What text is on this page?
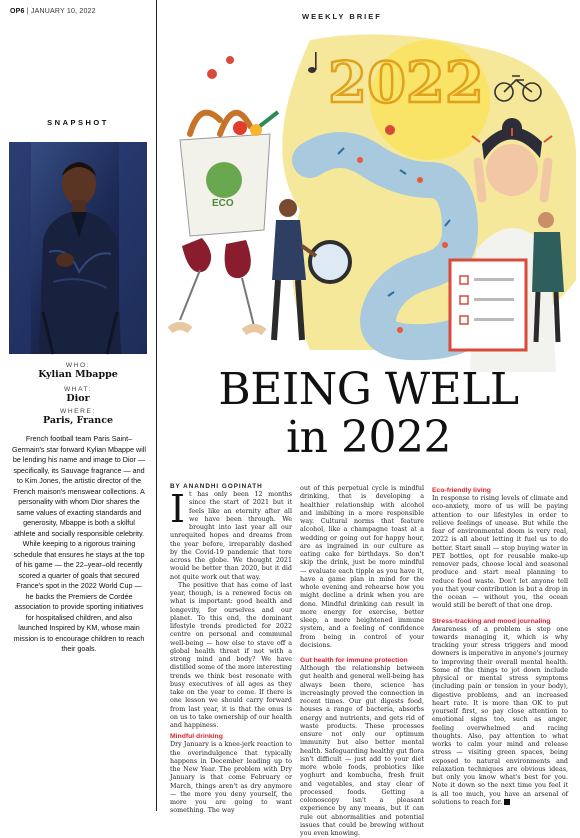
OP6 | JANUARY 10, 2022
WEEKLY BRIEF
SNAPSHOT
WHO:
Kylian Mbappe
WHAT:
Dior
WHERE:
Paris, France
French football team Paris Saint–Germain's star forward Kylian Mbappe will be lending his name and image to Dior — specifically, its Sauvage fragrance — and to Kim Jones, the artistic director of the French maison's menswear collections. A personality with whom Dior shares the same values of exacting standards and generosity, Mbappe is both a skilful athlete and socially responsible celebrity. While keeping to a rigorous training schedule that ensures he stays at the top of his game — the 22–year–old recently scored a quarter of goals that secured France's spot in the 2022 World Cup — he backs the Premiers de Cordée association to provide sporting initiatives for hospitalised children, and also launched Inspired by KM, whose main mission is to encourage children to reach their goals.
2022
ECO
BEING WELL
in 2022
BY ANANDHI GOPINATH

It has only been 12 months since the start of 2021 but it feels like an eternity after all we have been through. We brought into last year all our unrequited hopes and dreams from the year before, irreparably dashed by the Covid-19 pandemic that tore across the globe. We thought 2021 would be better than 2020, but it did not quite work out that way.

The positive that has come of last year, though, is a renewed focus on what is important: good health and longevity, for ourselves and our planet. To this end, the dominant lifestyle trends predicted for 2022 centre on personal and communal well-being — how else to stave off a global health threat if not with a strong mind and body? We have distilled some of the more interesting trends we think best resonate with busy executives of all ages as they take on the year to come. If there is one lesson we should carry forward from last year, it is that the onus is on us to take ownership of our health and happiness.

Mindful drinking

Dry January is a knee-jerk reaction to the overindulgence that typically happens in December leading up to the New Year. The problem with Dry January is that come February or March, things aren't as dry anymore — the more you deny yourself, the more you are going to want something. The way

out of this perpetual cycle is mindful drinking, that is developing a healthier relationship with alcohol and imbibing in a more responsible way. Cultural norms that feature alcohol, like a champagne toast at a wedding or going out for happy hour, are as ingrained in our culture as eating cake for birthdays. So don't skip the drink, just be more mindful — evaluate each tipple as you have it, have a game plan in mind for the whole evening and rehearse how you might decline a drink when you are done. Mindful drinking can result in more energy for exercise, better sleep, a more heightened immune system, and a feeling of confidence from being in control of your decisions.

Gut health for immune protection

Although the relationship between gut health and general well-being has always been there, science has increasingly proved the connection in recent times. Our gut digests food, houses a range of bacteria, absorbs energy and nutrients, and gets rid of waste products. These processes ensure not only our optimum immunity but also better mental health. Safeguarding healthy gut flora isn't difficult — just add to your diet more whole foods, probiotics like yoghurt and kombucha, fresh fruit and vegetables, and stay clear of processed foods. Getting a colonoscopy isn't a pleasant experience by any means, but it can rule out abnormalities and potential issues that could be brewing without you even knowing.

Eco-friendly living

In response to rising levels of climate and eco-anxiety, more of us will be paying attention to our lifestyles in order to relieve feelings of unease. But while the fear of environmental doom is very real, 2022 is all about letting it fuel us to do better. Start small — stop buying water in PET bottles, opt for reusable make-up remover pads, choose local and seasonal produce and start meal planning to reduce food waste. Don't let anyone tell you that your contribution is but a drop in the ocean — without you, the ocean would still be bereft of that one drop.

Stress-tracking and mood journaling

Awareness of a problem is step one towards managing it, which is why tracking your stress triggers and mood downers is imperative in anyone's journey to improving their overall mental health. Some of the things to jot down include physical or mental stress symptoms (including pain or tension in your body), digestive problems, and an increased heart rate. It is more than OK to put yourself first, so pay close attention to emotional signs too, such as anger, feeling overwhelmed and racing thoughts. Also, pay attention to what works to calm your mind and release stress — visiting green spaces, being exposed to natural environments and relaxation techniques are obvious ideas, but only you know what's best for you. Note it down so the next time you feel it is all too much, you have an arsenal of solutions to reach for.
